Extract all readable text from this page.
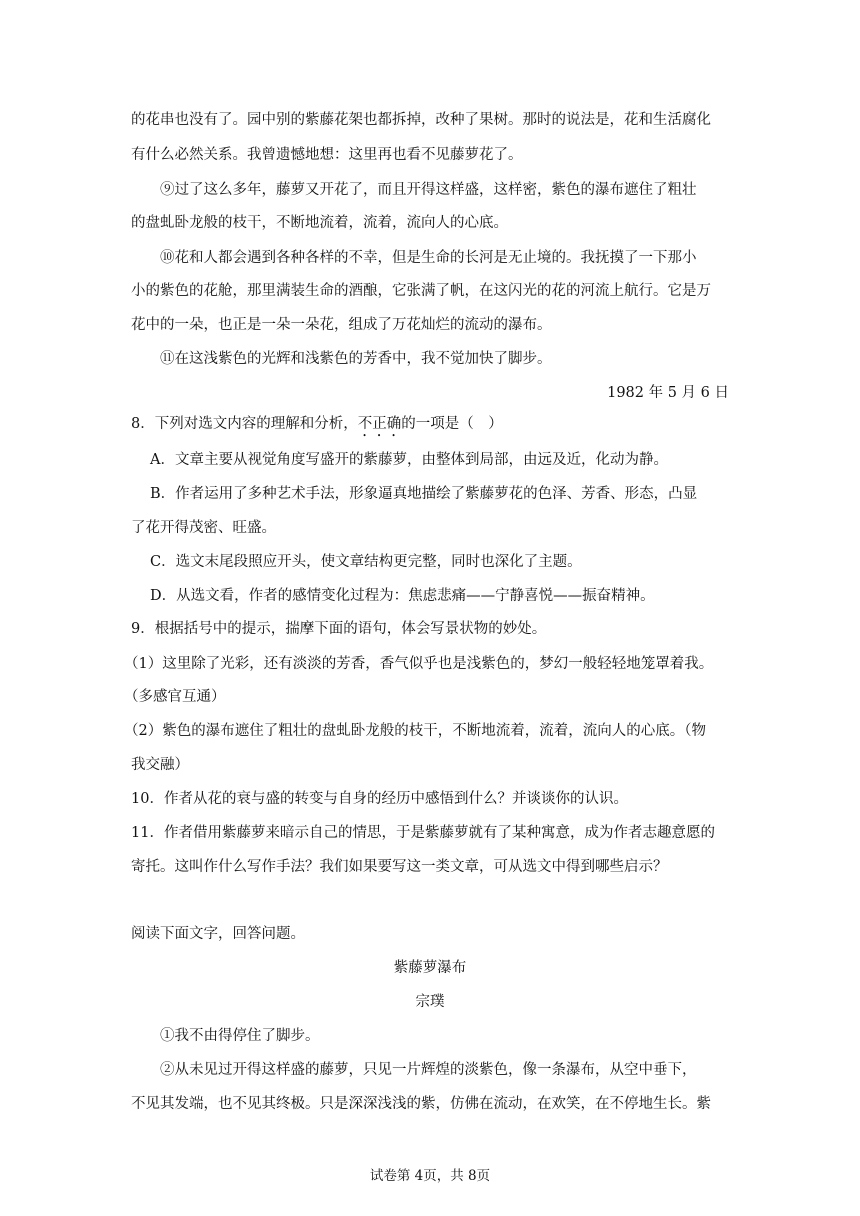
的花串也没有了。园中别的紫藤花架也都拆掉，改种了果树。那时的说法是，花和生活腐化
有什么必然关系。我曾遗憾地想：这里再也看不见藤萝花了。
⑨过了这么多年，藤萝又开花了，而且开得这样盛，这样密，紫色的瀑布遮住了粗壮
的盘虬卧龙般的枝干，不断地流着，流着，流向人的心底。
⑩花和人都会遇到各种各样的不幸，但是生命的长河是无止境的。我抚摸了一下那小
小的紫色的花舱，那里满装生命的酒酿，它张满了帆，在这闪光的花的河流上航行。它是万
花中的一朵，也正是一朵一朵花，组成了万花灿烂的流动的瀑布。
⑪在这浅紫色的光辉和浅紫色的芳香中，我不觉加快了脚步。
1982 年 5 月 6 日
8．下列对选文内容的理解和分析，不正确的一项是（　）
A．文章主要从视觉角度写盛开的紫藤萝，由整体到局部，由远及近，化动为静。
B．作者运用了多种艺术手法，形象逼真地描绘了紫藤萝花的色泽、芳香、形态，凸显
了花开得茂密、旺盛。
C．选文末尾段照应开头，使文章结构更完整，同时也深化了主题。
D．从选文看，作者的感情变化过程为：焦虑悲痛——宁静喜悦——振奋精神。
9．根据括号中的提示，揣摩下面的语句，体会写景状物的妙处。
（1）这里除了光彩，还有淡淡的芳香，香气似乎也是浅紫色的，梦幻一般轻轻地笼罩着我。
（多感官互通）
（2）紫色的瀑布遮住了粗壮的盘虬卧龙般的枝干，不断地流着，流着，流向人的心底。（物
我交融）
10．作者从花的衰与盛的转变与自身的经历中感悟到什么？并谈谈你的认识。
11．作者借用紫藤萝来暗示自己的情思，于是紫藤萝就有了某种寓意，成为作者志趣意愿的
寄托。这叫作什么写作手法？我们如果要写这一类文章，可从选文中得到哪些启示？
阅读下面文字，回答问题。
紫藤萝瀑布
宗璞
①我不由得停住了脚步。
②从未见过开得这样盛的藤萝，只见一片辉煌的淡紫色，像一条瀑布，从空中垂下，
不见其发端，也不见其终极。只是深深浅浅的紫，仿佛在流动，在欢笑，在不停地生长。紫
试卷第 4页，共 8页
